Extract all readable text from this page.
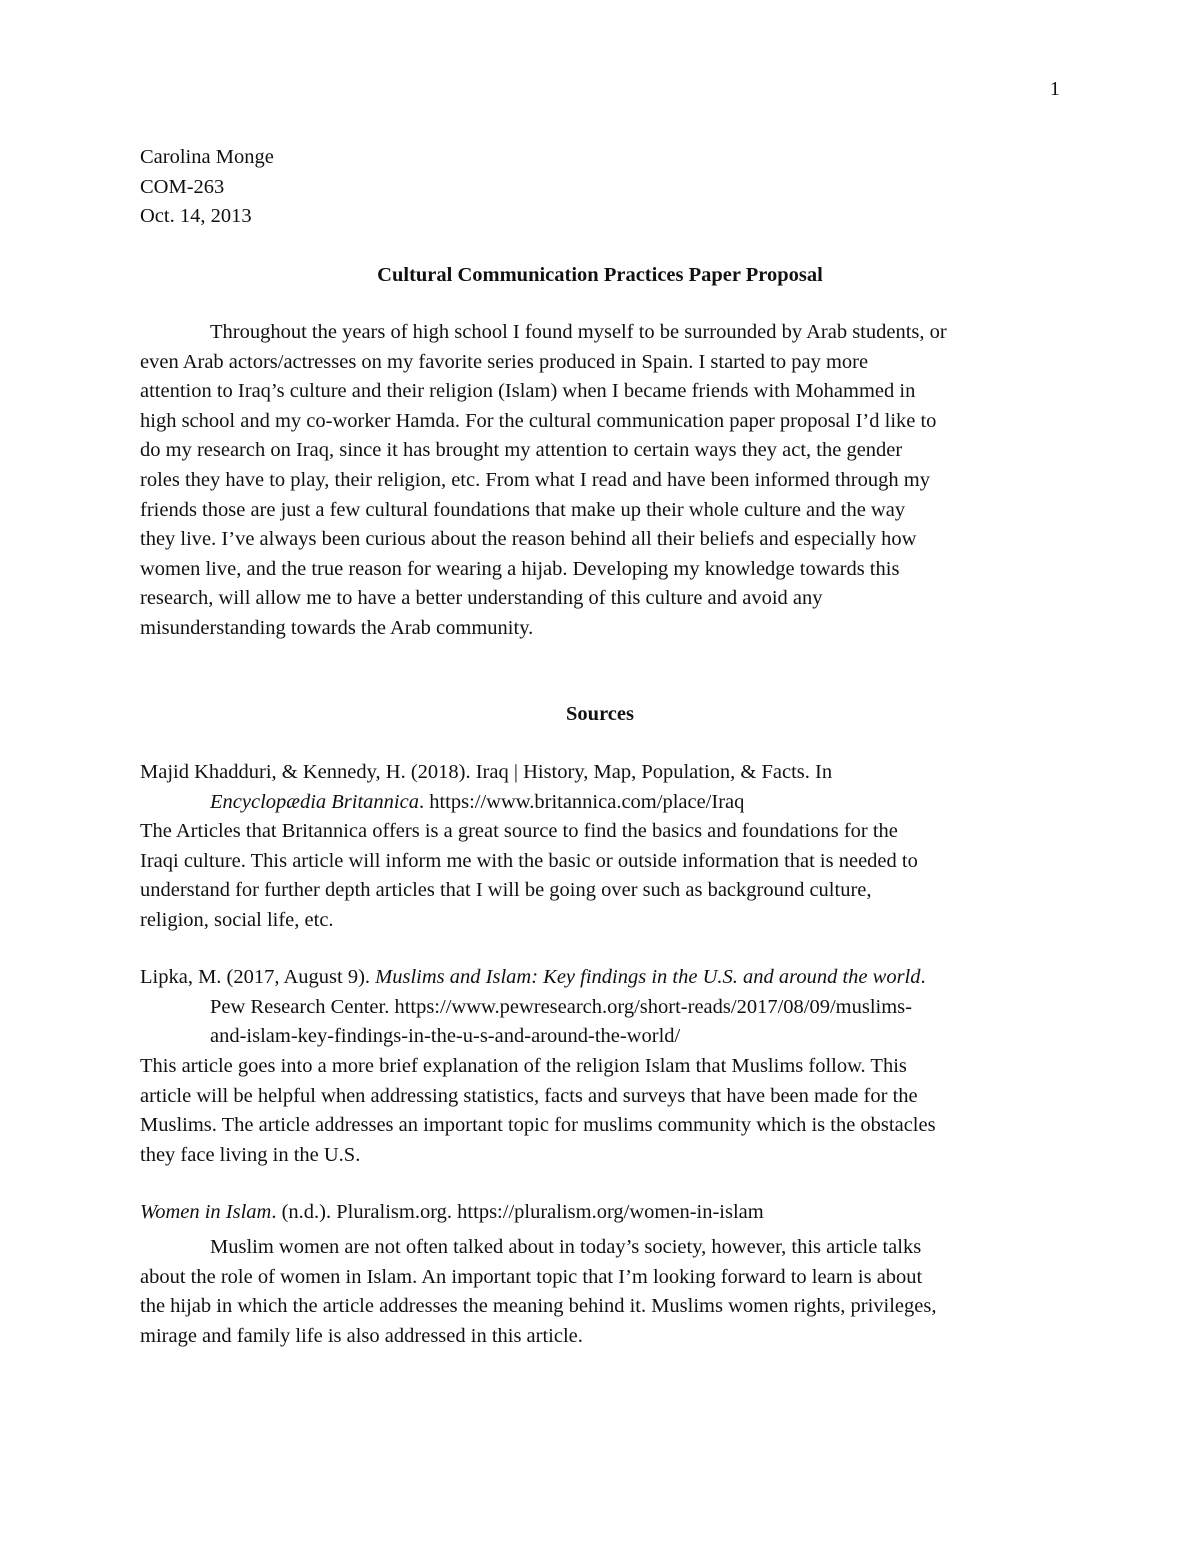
1
Carolina Monge
COM-263
Oct. 14, 2013
Cultural Communication Practices Paper Proposal

Throughout the years of high school I found myself to be surrounded by Arab students, or
even Arab actors/actresses on my favorite series produced in Spain. I started to pay more
attention to Iraq’s culture and their religion (Islam) when I became friends with Mohammed in
high school and my co-worker Hamda. For the cultural communication paper proposal I’d like to
do my research on Iraq, since it has brought my attention to certain ways they act, the gender
roles they have to play, their religion, etc. From what I read and have been informed through my
friends those are just a few cultural foundations that make up their whole culture and the way
they live. I’ve always been curious about the reason behind all their beliefs and especially how
women live, and the true reason for wearing a hijab. Developing my knowledge towards this
research, will allow me to have a better understanding of this culture and avoid any
misunderstanding towards the Arab community.

Sources

Majid Khadduri, & Kennedy, H. (2018). Iraq | History, Map, Population, & Facts. In
Encyclopædia Britannica. https://www.britannica.com/place/Iraq

The Articles that Britannica offers is a great source to find the basics and foundations for the
Iraqi culture. This article will inform me with the basic or outside information that is needed to
understand for further depth articles that I will be going over such as background culture,
religion, social life, etc.

Lipka, M. (2017, August 9). Muslims and Islam: Key findings in the U.S. and around the world.
Pew Research Center. https://www.pewresearch.org/short-reads/2017/08/09/muslims-
and-islam-key-findings-in-the-u-s-and-around-the-world/

This article goes into a more brief explanation of the religion Islam that Muslims follow. This
article will be helpful when addressing statistics, facts and surveys that have been made for the
Muslims. The article addresses an important topic for muslims community which is the obstacles
they face living in the U.S.

Women in Islam. (n.d.). Pluralism.org. https://pluralism.org/women-in-islam

Muslim women are not often talked about in today’s society, however, this article talks
about the role of women in Islam. An important topic that I’m looking forward to learn is about
the hijab in which the article addresses the meaning behind it. Muslims women rights, privileges,
mirage and family life is also addressed in this article.
